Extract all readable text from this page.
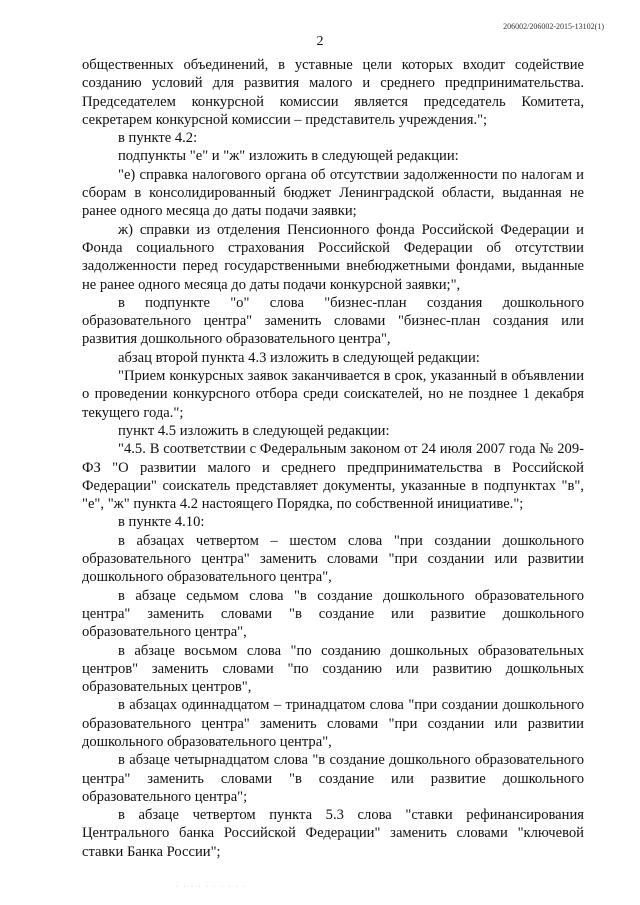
206002/206002-2015-13102(1)
2

общественных объединений, в уставные цели которых входит содействие созданию условий для развития малого и среднего предпринимательства. Председателем конкурсной комиссии является председатель Комитета, секретарем конкурсной комиссии – представитель учреждения.";

в пункте 4.2:

подпункты "е" и "ж" изложить в следующей редакции:

"е) справка налогового органа об отсутствии задолженности по налогам и сборам в консолидированный бюджет Ленинградской области, выданная не ранее одного месяца до даты подачи заявки;

ж) справки из отделения Пенсионного фонда Российской Федерации и Фонда социального страхования Российской Федерации об отсутствии задолженности перед государственными внебюджетными фондами, выданные не ранее одного месяца до даты подачи конкурсной заявки;",

в подпункте "о" слова "бизнес-план создания дошкольного образовательного центра" заменить словами "бизнес-план создания или развития дошкольного образовательного центра",

абзац второй пункта 4.3 изложить в следующей редакции:

"Прием конкурсных заявок заканчивается в срок, указанный в объявлении о проведении конкурсного отбора среди соискателей, но не позднее 1 декабря текущего года.";

пункт 4.5 изложить в следующей редакции:

"4.5. В соответствии с Федеральным законом от 24 июля 2007 года № 209-ФЗ "О развитии малого и среднего предпринимательства в Российской Федерации" соискатель представляет документы, указанные в подпунктах "в", "е", "ж" пункта 4.2 настоящего Порядка, по собственной инициативе.";

в пункте 4.10:

в абзацах четвертом – шестом слова "при создании дошкольного образовательного центра" заменить словами "при создании или развитии дошкольного образовательного центра",

в абзаце седьмом слова "в создание дошкольного образовательного центра" заменить словами "в создание или развитие дошкольного образовательного центра",

в абзаце восьмом слова "по созданию дошкольных образовательных центров" заменить словами "по созданию или развитию дошкольных образовательных центров",

в абзацах одиннадцатом – тринадцатом слова "при создании дошкольного образовательного центра" заменить словами "при создании или развитии дошкольного образовательного центра",

в абзаце четырнадцатом слова "в создание дошкольного образовательного центра" заменить словами "в создание или развитие дошкольного образовательного центра";

в абзаце четвертом пункта 5.3 слова "ставки рефинансирования Центрального банка Российской Федерации" заменить словами "ключевой ставки Банка России";

· · · · · · · · · ·
